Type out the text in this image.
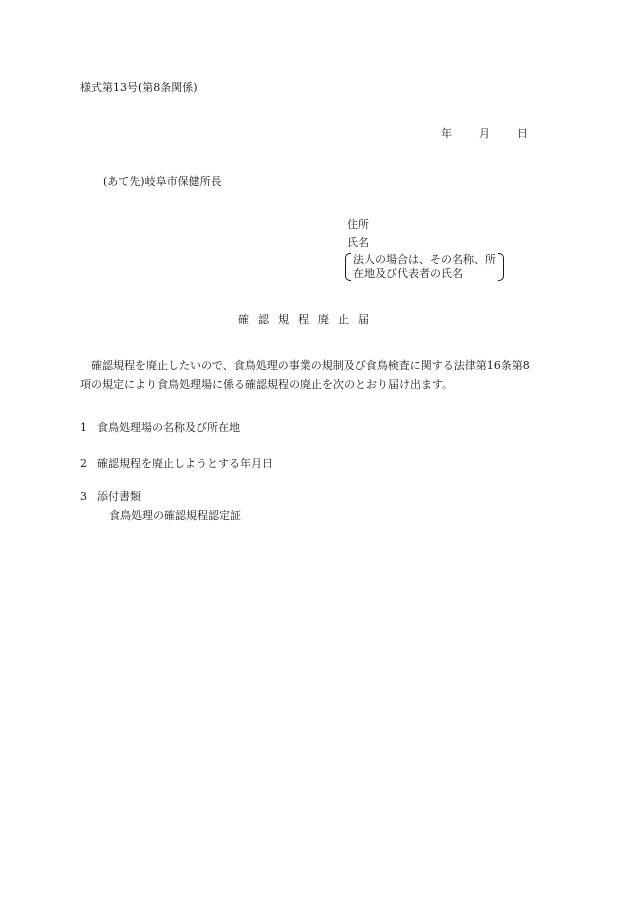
様式第13号(第8条関係)
年 月 日
(あて先)岐阜市保健所長
住所
氏名
法人の場合は、その名称、所
在地及び代表者の氏名
確認規程廃止届
確認規程を廃止したいので、食鳥処理の事業の規制及び食鳥検査に関する法律第16条第8
項の規定により食鳥処理場に係る確認規程の廃止を次のとおり届け出ます。
1 食鳥処理場の名称及び所在地
2 確認規程を廃止しようとする年月日
3 添付書類
食鳥処理の確認規程認定証
